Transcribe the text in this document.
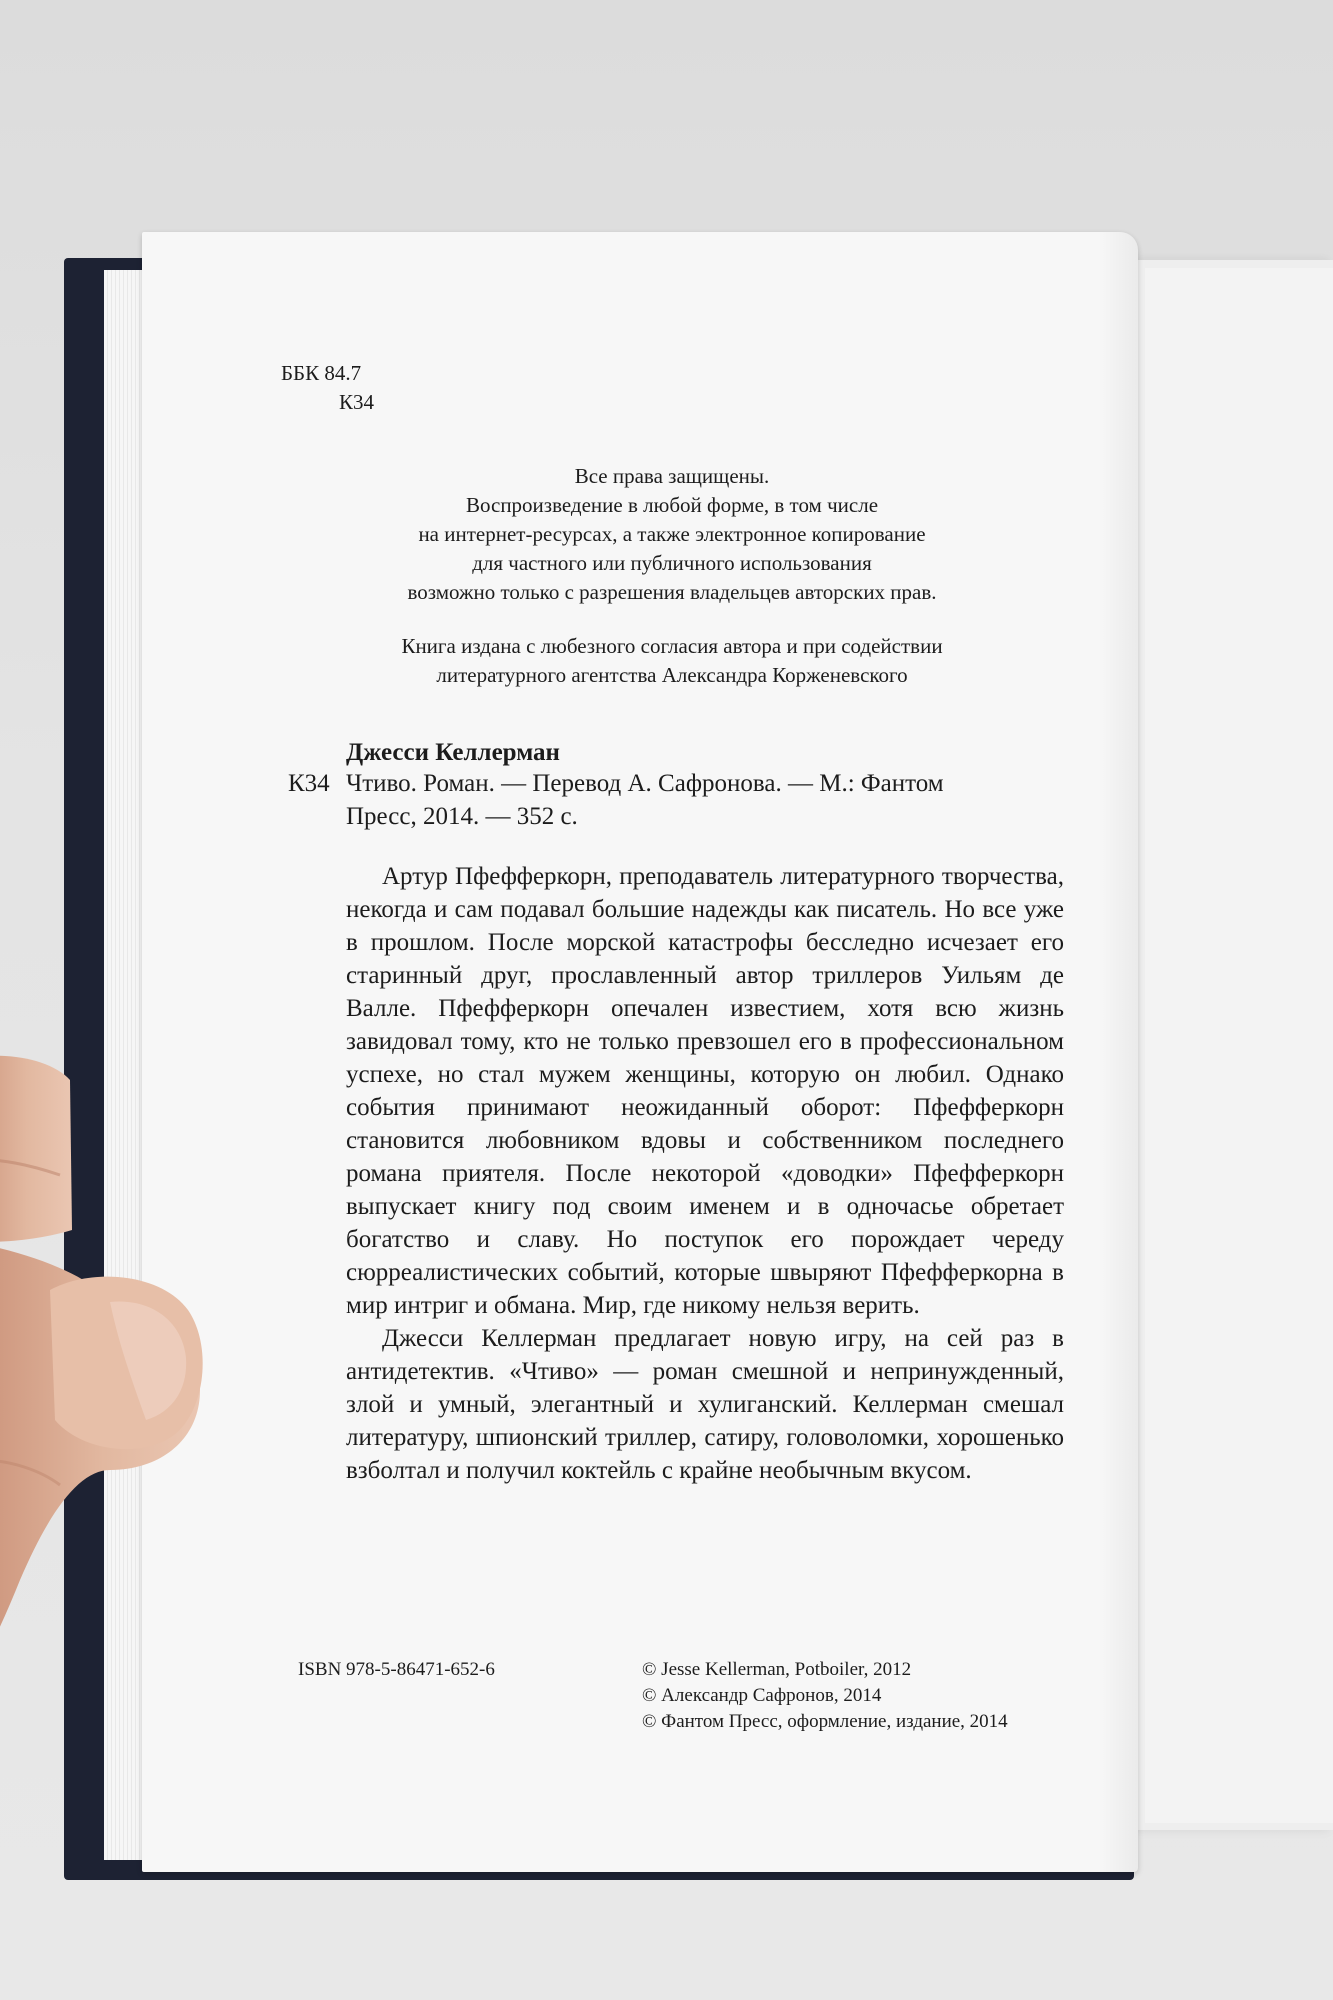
ББК 84.7
К34
Все права защищены.
Воспроизведение в любой форме, в том числе
на интернет-ресурсах, а также электронное копирование
для частного или публичного использования
возможно только с разрешения владельцев авторских прав.
Книга издана с любезного согласия автора и при содействии
литературного агентства Александра Корженевского
Джесси Келлерман
К34 Чтиво. Роман. — Перевод А. Сафронова. — М.: Фантом
Пресс, 2014. — 352 с.

Артур Пфефферкорн, преподаватель литературного творчества, некогда и сам подавал большие надежды как писатель. Но все уже в прошлом. После морской катастрофы бесследно исчезает его старинный друг, прославленный автор триллеров Уильям де Валле. Пфефферкорн опечален известием, хотя всю жизнь завидовал тому, кто не только превзошел его в профессиональном успехе, но стал мужем женщины, которую он любил. Однако события принимают неожиданный оборот: Пфефферкорн становится любовником вдовы и собственником последнего романа приятеля. После некоторой «доводки» Пфефферкорн выпускает книгу под своим именем и в одночасье обретает богатство и славу. Но поступок его порождает череду сюрреалистических событий, которые швыряют Пфефферкорна в мир интриг и обмана. Мир, где никому нельзя верить.

Джесси Келлерман предлагает новую игру, на сей раз в антидетектив. «Чтиво» — роман смешной и непринужденный, злой и умный, элегантный и хулиганский. Келлерман смешал литературу, шпионский триллер, сатиру, головоломки, хорошенько взболтал и получил коктейль с крайне необычным вкусом.

ISBN 978-5-86471-652-6	© Jesse Kellerman, Potboiler, 2012
© Александр Сафронов, 2014
© Фантом Пресс, оформление, издание, 2014
